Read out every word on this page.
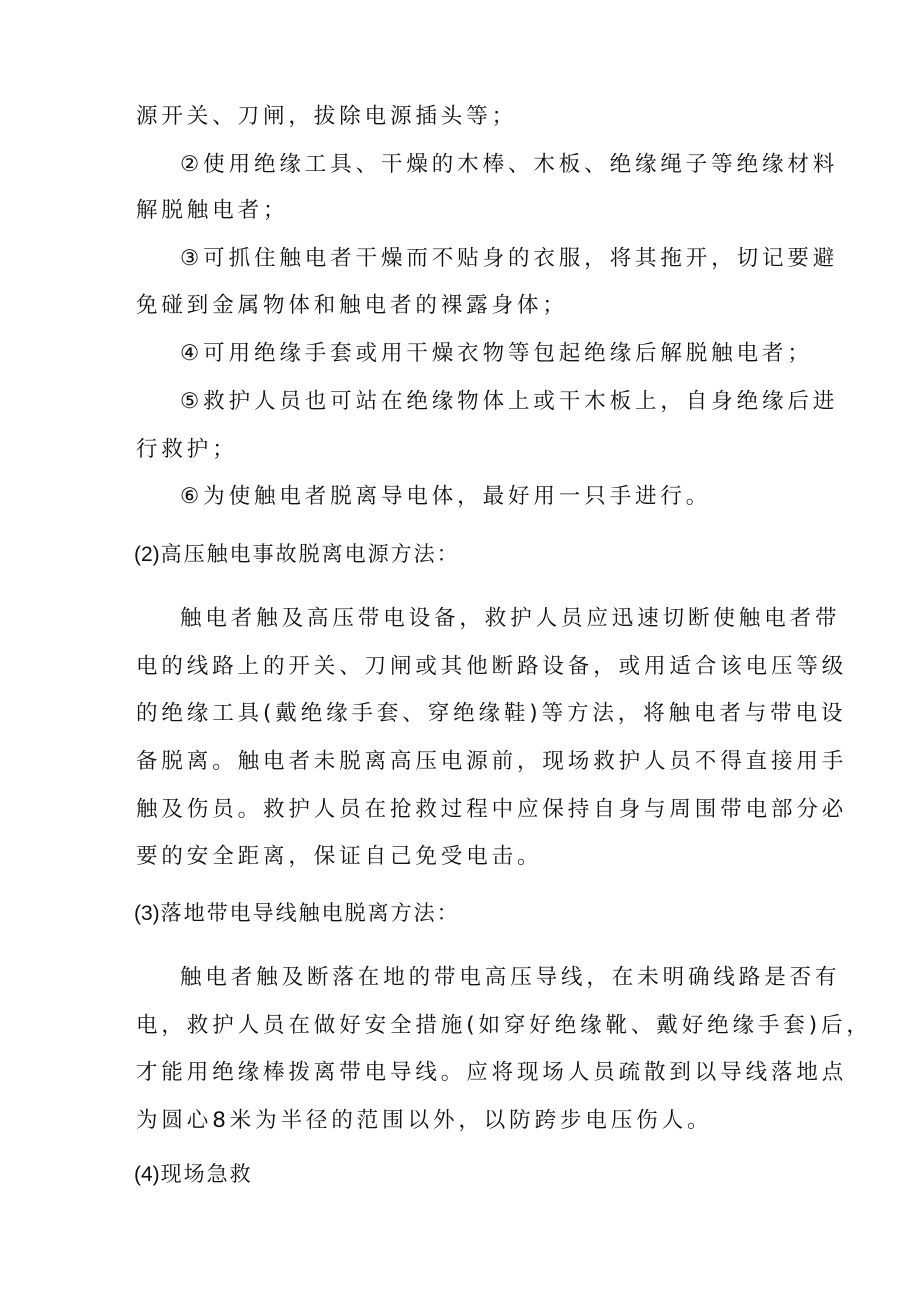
源开关、刀闸，拔除电源插头等；
②使用绝缘工具、干燥的木棒、木板、绝缘绳子等绝缘材料
解脱触电者；
③可抓住触电者干燥而不贴身的衣服，将其拖开，切记要避
免碰到金属物体和触电者的裸露身体；
④可用绝缘手套或用干燥衣物等包起绝缘后解脱触电者；
⑤救护人员也可站在绝缘物体上或干木板上，自身绝缘后进
行救护；
⑥为使触电者脱离导电体，最好用一只手进行。
(2)高压触电事故脱离电源方法：
触电者触及高压带电设备，救护人员应迅速切断使触电者带
电的线路上的开关、刀闸或其他断路设备，或用适合该电压等级
的绝缘工具(戴绝缘手套、穿绝缘鞋)等方法，将触电者与带电设
备脱离。触电者未脱离高压电源前，现场救护人员不得直接用手
触及伤员。救护人员在抢救过程中应保持自身与周围带电部分必
要的安全距离，保证自己免受电击。
(3)落地带电导线触电脱离方法：
触电者触及断落在地的带电高压导线，在未明确线路是否有
电，救护人员在做好安全措施(如穿好绝缘靴、戴好绝缘手套)后，
才能用绝缘棒拨离带电导线。应将现场人员疏散到以导线落地点
为圆心8米为半径的范围以外，以防跨步电压伤人。
(4)现场急救
